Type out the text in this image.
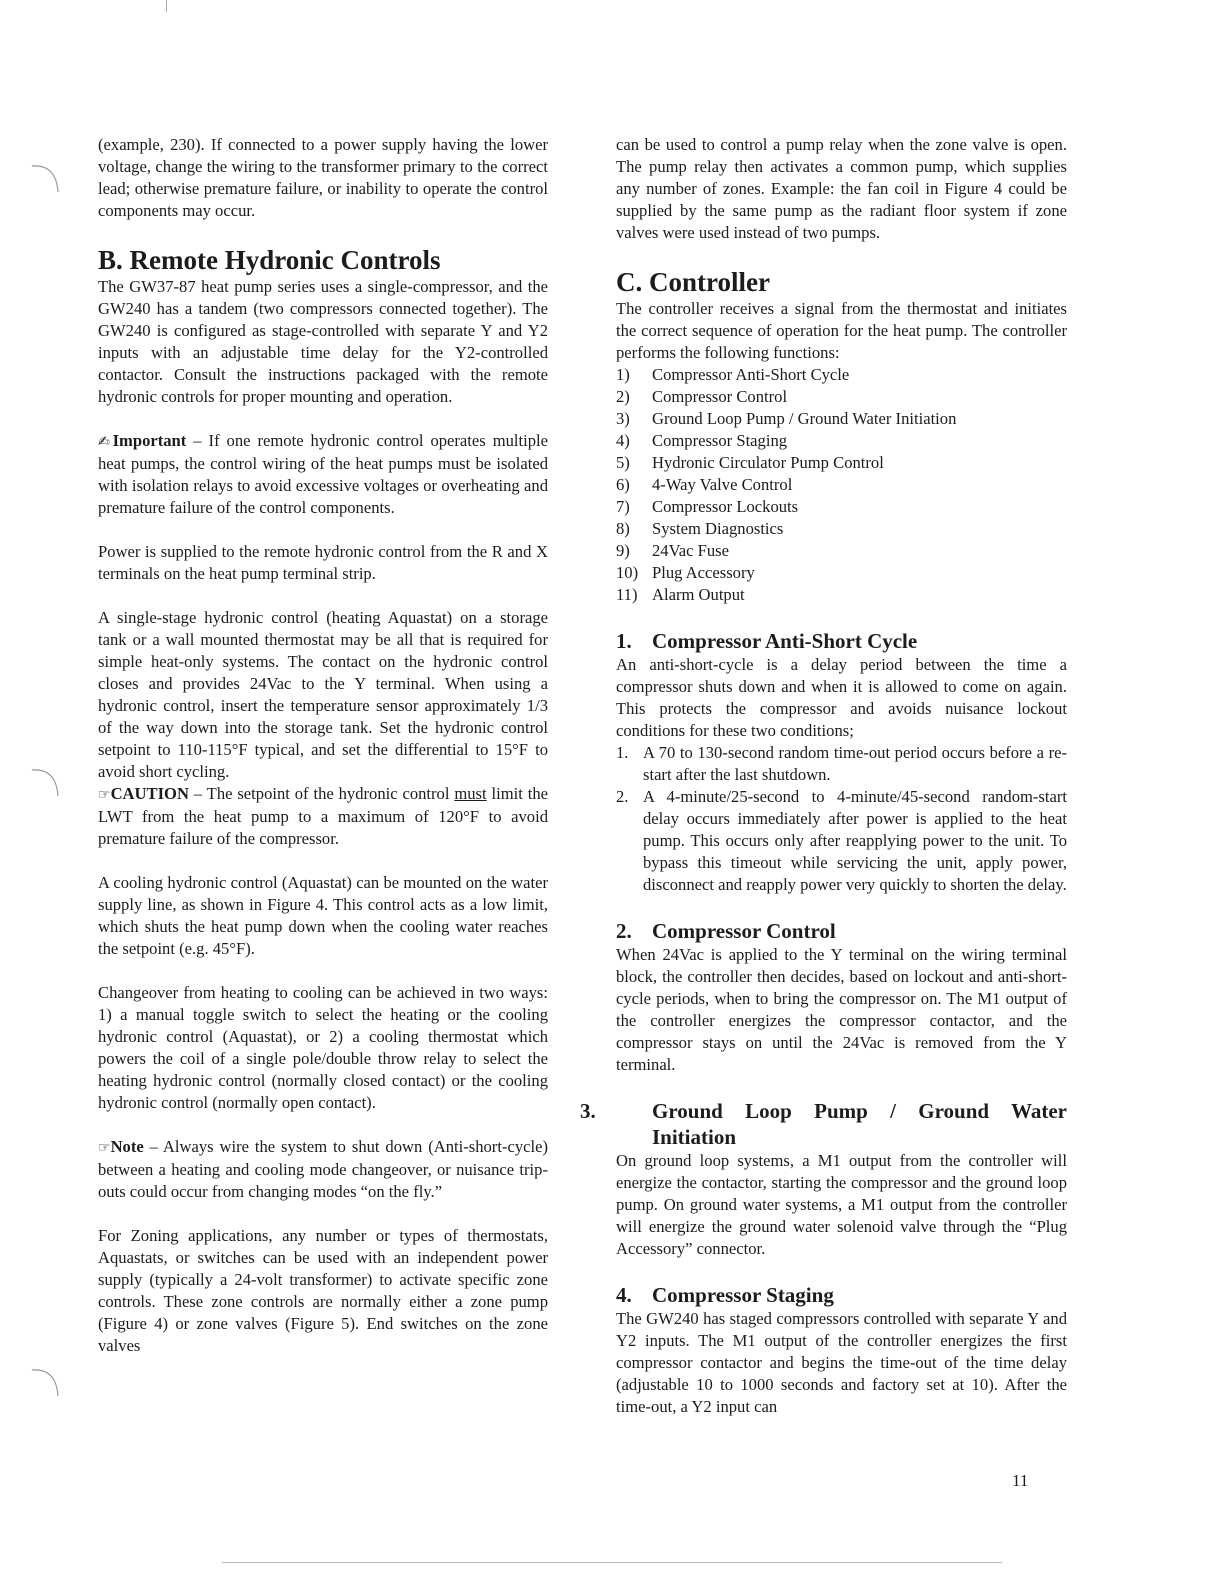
(example, 230). If connected to a power supply having the lower voltage, change the wiring to the transformer primary to the correct lead; otherwise premature failure, or inability to operate the control components may occur.

B. Remote Hydronic Controls

The GW37-87 heat pump series uses a single-compressor, and the GW240 has a tandem (two compressors connected together). The GW240 is configured as stage-controlled with separate Y and Y2 inputs with an adjustable time delay for the Y2-controlled contactor. Consult the instructions packaged with the remote hydronic controls for proper mounting and operation.

✍Important – If one remote hydronic control operates multiple heat pumps, the control wiring of the heat pumps must be isolated with isolation relays to avoid excessive voltages or overheating and premature failure of the control components.

Power is supplied to the remote hydronic control from the R and X terminals on the heat pump terminal strip.

A single-stage hydronic control (heating Aquastat) on a storage tank or a wall mounted thermostat may be all that is required for simple heat-only systems. The contact on the hydronic control closes and provides 24Vac to the Y terminal. When using a hydronic control, insert the temperature sensor approximately 1/3 of the way down into the storage tank. Set the hydronic control setpoint to 110-115°F typical, and set the differential to 15°F to avoid short cycling.

☞CAUTION – The setpoint of the hydronic control must limit the LWT from the heat pump to a maximum of 120°F to avoid premature failure of the compressor.

A cooling hydronic control (Aquastat) can be mounted on the water supply line, as shown in Figure 4. This control acts as a low limit, which shuts the heat pump down when the cooling water reaches the setpoint (e.g. 45°F).

Changeover from heating to cooling can be achieved in two ways: 1) a manual toggle switch to select the heating or the cooling hydronic control (Aquastat), or 2) a cooling thermostat which powers the coil of a single pole/double throw relay to select the heating hydronic control (normally closed contact) or the cooling hydronic control (normally open contact).

☞Note – Always wire the system to shut down (Anti-short-cycle) between a heating and cooling mode changeover, or nuisance trip-outs could occur from changing modes “on the fly.”

For Zoning applications, any number or types of thermostats, Aquastats, or switches can be used with an independent power supply (typically a 24-volt transformer) to activate specific zone controls. These zone controls are normally either a zone pump (Figure 4) or zone valves (Figure 5). End switches on the zone valves

can be used to control a pump relay when the zone valve is open. The pump relay then activates a common pump, which supplies any number of zones. Example: the fan coil in Figure 4 could be supplied by the same pump as the radiant floor system if zone valves were used instead of two pumps.

C. Controller

The controller receives a signal from the thermostat and initiates the correct sequence of operation for the heat pump. The controller performs the following functions:

1)	Compressor Anti-Short Cycle
2)	Compressor Control
3)	Ground Loop Pump / Ground Water Initiation
4)	Compressor Staging
5)	Hydronic Circulator Pump Control
6)	4-Way Valve Control
7)	Compressor Lockouts
8)	System Diagnostics
9)	24Vac Fuse
10) Plug Accessory
11) Alarm Output
1. Compressor Anti-Short Cycle

An anti-short-cycle is a delay period between the time a compressor shuts down and when it is allowed to come on again. This protects the compressor and avoids nuisance lockout conditions for these two conditions;

1. A 70 to 130-second random time-out period occurs before a re-start after the last shutdown.
2. A 4-minute/25-second to 4-minute/45-second random-start delay occurs immediately after power is applied to the heat pump. This occurs only after reapplying power to the unit. To bypass this timeout while servicing the unit, apply power, disconnect and reapply power very quickly to shorten the delay.
2. Compressor Control

When 24Vac is applied to the Y terminal on the wiring terminal block, the controller then decides, based on lockout and anti-short-cycle periods, when to bring the compressor on. The M1 output of the controller energizes the compressor contactor, and the compressor stays on until the 24Vac is removed from the Y terminal.

3.	Ground Loop Pump / Ground Water Initiation

On ground loop systems, a M1 output from the controller will energize the contactor, starting the compressor and the ground loop pump. On ground water systems, a M1 output from the controller will energize the ground water solenoid valve through the “Plug Accessory” connector.

4. Compressor Staging

The GW240 has staged compressors controlled with separate Y and Y2 inputs. The M1 output of the controller energizes the first compressor contactor and begins the time-out of the time delay (adjustable 10 to 1000 seconds and factory set at 10). After the time-out, a Y2 input can

11
